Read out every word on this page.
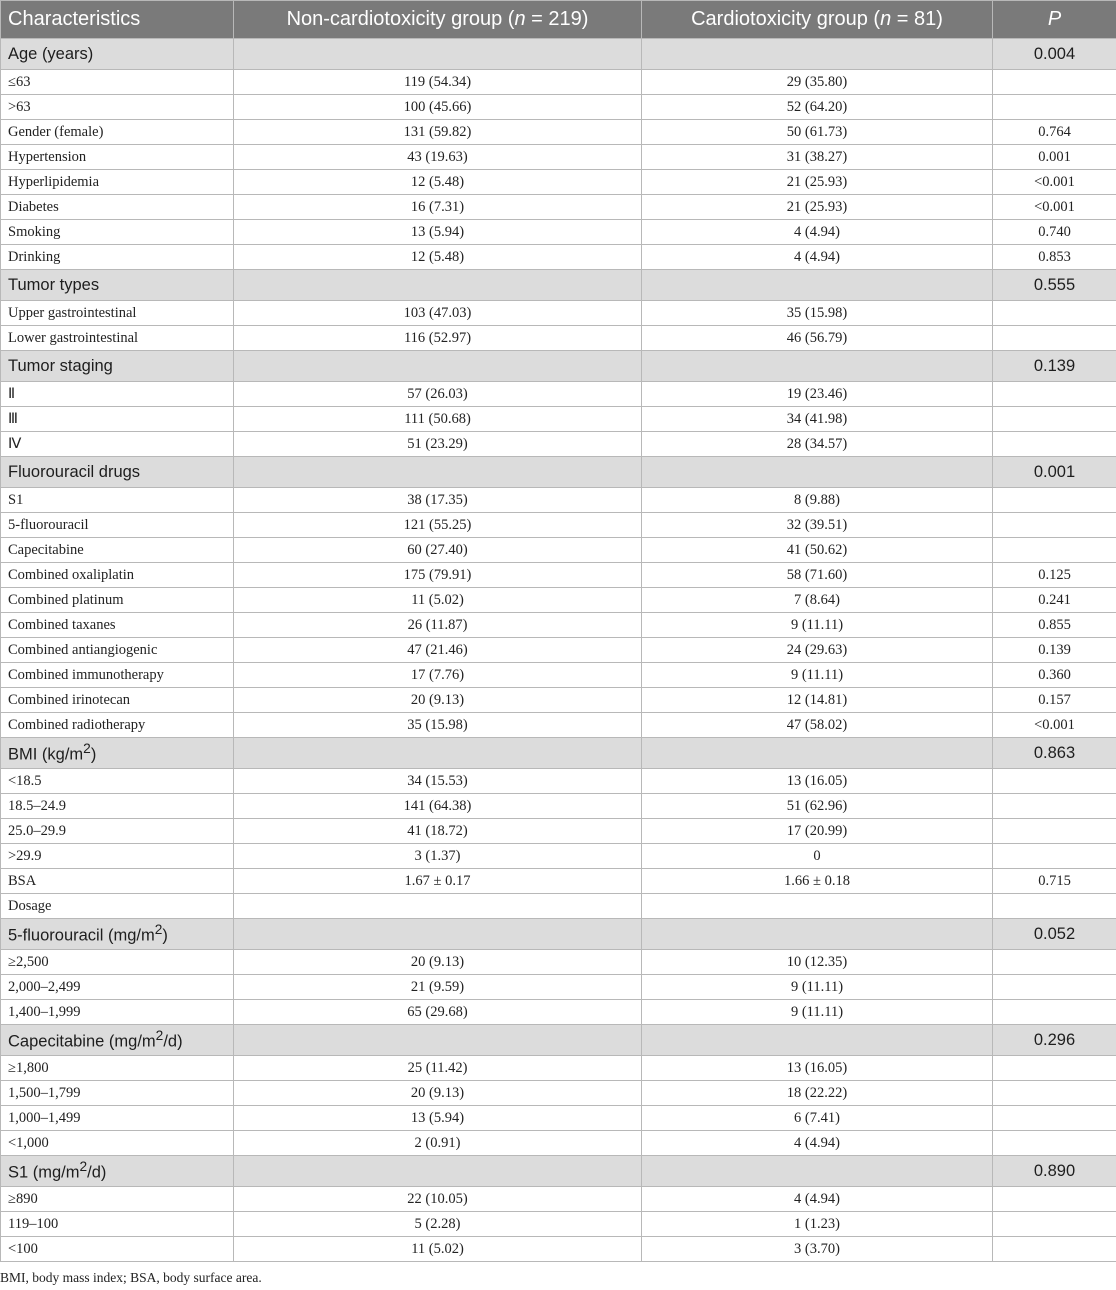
Characteristics	Non-cardiotoxicity group (n = 219)	Cardiotoxicity group (n = 81)	P
Age (years)			0.004
≤63	119 (54.34)	29 (35.80)	
>63	100 (45.66)	52 (64.20)	
Gender (female)	131 (59.82)	50 (61.73)	0.764
Hypertension	43 (19.63)	31 (38.27)	0.001
Hyperlipidemia	12 (5.48)	21 (25.93)	<0.001
Diabetes	16 (7.31)	21 (25.93)	<0.001
Smoking	13 (5.94)	4 (4.94)	0.740
Drinking	12 (5.48)	4 (4.94)	0.853
Tumor types			0.555
Upper gastrointestinal	103 (47.03)	35 (15.98)	
Lower gastrointestinal	116 (52.97)	46 (56.79)	
Tumor staging			0.139
Ⅱ	57 (26.03)	19 (23.46)	
Ⅲ	111 (50.68)	34 (41.98)	
Ⅳ	51 (23.29)	28 (34.57)	
Fluorouracil drugs			0.001
S1	38 (17.35)	8 (9.88)	
5-fluorouracil	121 (55.25)	32 (39.51)	
Capecitabine	60 (27.40)	41 (50.62)	
Combined oxaliplatin	175 (79.91)	58 (71.60)	0.125
Combined platinum	11 (5.02)	7 (8.64)	0.241
Combined taxanes	26 (11.87)	9 (11.11)	0.855
Combined antiangiogenic	47 (21.46)	24 (29.63)	0.139
Combined immunotherapy	17 (7.76)	9 (11.11)	0.360
Combined irinotecan	20 (9.13)	12 (14.81)	0.157
Combined radiotherapy	35 (15.98)	47 (58.02)	<0.001
BMI $(kg/m^2)$			0.863
<18.5	34 (15.53)	13 (16.05)	
18.5–24.9	141 (64.38)	51 (62.96)	
25.0–29.9	41 (18.72)	17 (20.99)	
>29.9	3 (1.37)	0	
BSA	1.67 ± 0.17	1.66 ± 0.18	0.715
Dosage			
5-fluorouracil $(mg/m^2)$			0.052
≥2,500	20 (9.13)	10 (12.35)	
2,000–2,499	21 (9.59)	9 (11.11)	
1,400–1,999	65 (29.68)	9 (11.11)	
Capecitabine $(mg/m^2/d)$			0.296
≥1,800	25 (11.42)	13 (16.05)	
1,500–1,799	20 (9.13)	18 (22.22)	
1,000–1,499	13 (5.94)	6 (7.41)	
<1,000	2 (0.91)	4 (4.94)	
S1 $(mg/m^2/d)$			0.890
≥890	22 (10.05)	4 (4.94)	
119–100	5 (2.28)	1 (1.23)	
<100	11 (5.02)	3 (3.70)	

BMI, body mass index; BSA, body surface area.
